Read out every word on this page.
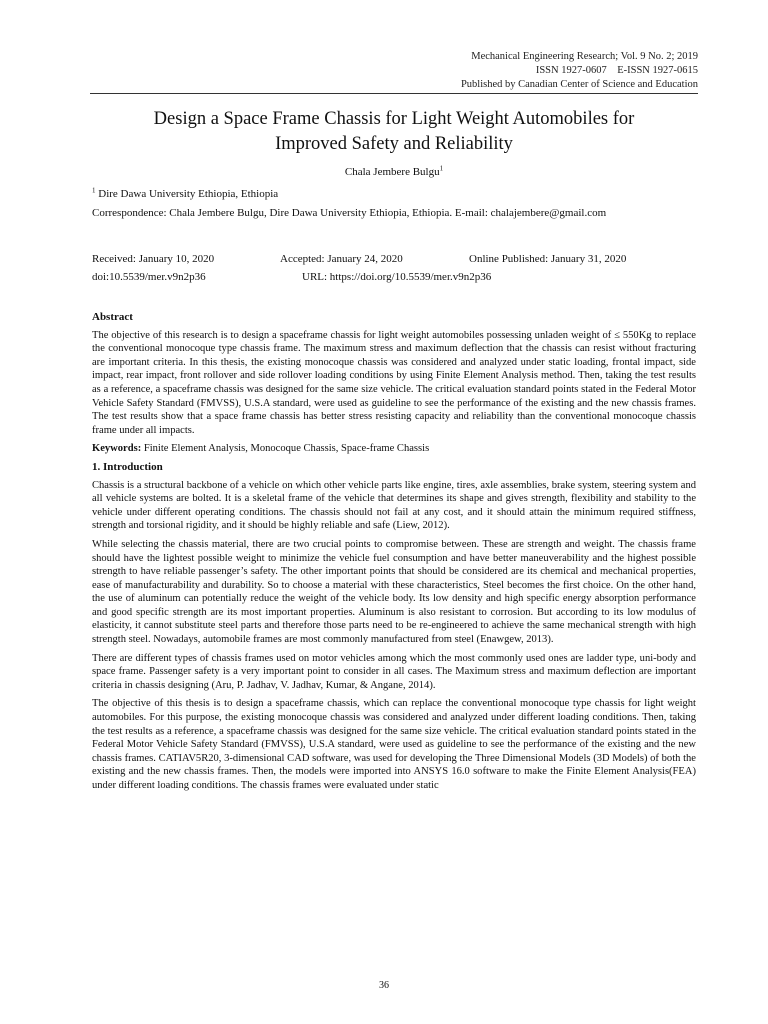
Mechanical Engineering Research; Vol. 9 No. 2; 2019
ISSN 1927-0607    E-ISSN 1927-0615
Published by Canadian Center of Science and Education
Design a Space Frame Chassis for Light Weight Automobiles for
Improved Safety and Reliability
Chala Jembere Bulgu$^1$
$^1$ Dire Dawa University Ethiopia, Ethiopia
Correspondence: Chala Jembere Bulgu, Dire Dawa University Ethiopia, Ethiopia. E-mail: chalajembere@gmail.com
Received: January 10, 2020	Accepted: January 24, 2020	Online Published: January 31, 2020
doi:10.5539/mer.v9n2p36	URL: https://doi.org/10.5539/mer.v9n2p36
Abstract

The objective of this research is to design a spaceframe chassis for light weight automobiles possessing unladen weight of ≤ 550Kg to replace the conventional monocoque type chassis frame. The maximum stress and maximum deflection that the chassis can resist without fracturing are important criteria. In this thesis, the existing monocoque chassis was considered and analyzed under static loading, frontal impact, side impact, rear impact, front rollover and side rollover loading conditions by using Finite Element Analysis method. Then, taking the test results as a reference, a spaceframe chassis was designed for the same size vehicle. The critical evaluation standard points stated in the Federal Motor Vehicle Safety Standard (FMVSS), U.S.A standard, were used as guideline to see the performance of the existing and the new chassis frames. The test results show that a space frame chassis has better stress resisting capacity and reliability than the conventional monocoque chassis frame under all impacts.

Keywords: Finite Element Analysis, Monocoque Chassis, Space-frame Chassis

1. Introduction

Chassis is a structural backbone of a vehicle on which other vehicle parts like engine, tires, axle assemblies, brake system, steering system and all vehicle systems are bolted. It is a skeletal frame of the vehicle that determines its shape and gives strength, flexibility and stability to the vehicle under different operating conditions. The chassis should not fail at any cost, and it should attain the minimum required stiffness, strength and torsional rigidity, and it should be highly reliable and safe (Liew, 2012).

While selecting the chassis material, there are two crucial points to compromise between. These are strength and weight. The chassis frame should have the lightest possible weight to minimize the vehicle fuel consumption and have better maneuverability and the highest possible strength to have reliable passenger’s safety. The other important points that should be considered are its chemical and mechanical properties, ease of manufacturability and durability. So to choose a material with these characteristics, Steel becomes the first choice. On the other hand, the use of aluminum can potentially reduce the weight of the vehicle body. Its low density and high specific energy absorption performance and good specific strength are its most important properties. Aluminum is also resistant to corrosion. But according to its low modulus of elasticity, it cannot substitute steel parts and therefore those parts need to be re-engineered to achieve the same mechanical strength with high strength steel. Nowadays, automobile frames are most commonly manufactured from steel (Enawgew, 2013).

There are different types of chassis frames used on motor vehicles among which the most commonly used ones are ladder type, uni-body and space frame. Passenger safety is a very important point to consider in all cases. The Maximum stress and maximum deflection are important criteria in chassis designing (Aru, P. Jadhav, V. Jadhav, Kumar, & Angane, 2014).

The objective of this thesis is to design a spaceframe chassis, which can replace the conventional monocoque type chassis for light weight automobiles. For this purpose, the existing monocoque chassis was considered and analyzed under different loading conditions. Then, taking the test results as a reference, a spaceframe chassis was designed for the same size vehicle. The critical evaluation standard points stated in the Federal Motor Vehicle Safety Standard (FMVSS), U.S.A standard, were used as guideline to see the performance of the existing and the new chassis frames. CATIAV5R20, 3-dimensional CAD software, was used for developing the Three Dimensional Models (3D Models) of both the existing and the new chassis frames. Then, the models were imported into ANSYS 16.0 software to make the Finite Element Analysis(FEA) under different loading conditions. The chassis frames were evaluated under static

36
